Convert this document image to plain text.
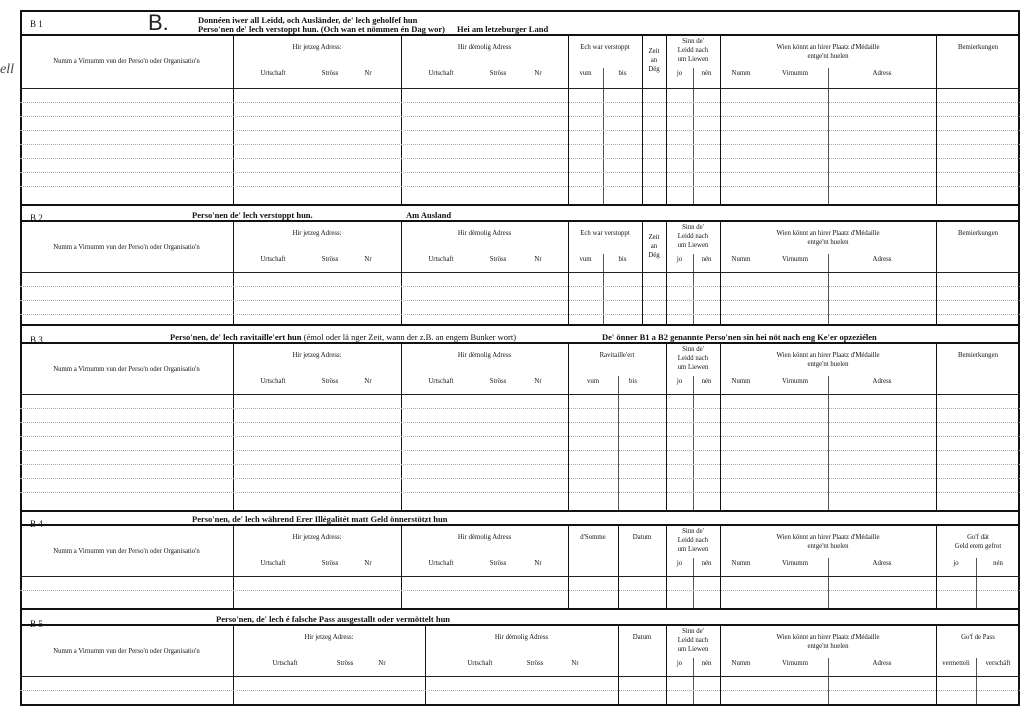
ell
B 1	B.	Donnéen iwer all Leidd, och Ausländer, de' lech geholfef hun
Perso'nen de' lech verstoppt hun. (Och wan et nömmen én Dag wor) Hei am letzeburger Land
Numm a Virnumm vun der Perso'n oder Organisatio'n
Hir jetzeg Adress:
Urtschaft	Ströss	Nr
Hir dèmolig Adress
Urtschaft	Ströss	Nr
Ech war verstoppt
vum	bis
Zeit
an
Dég
Sinn de'
Leidd nach
um Liewen
jo	nén
Wien könnt an hirer Plaatz d'Médaille
entge'nt huelen
Numm	Virnumm	Adress
Bemierkungen
B 2	Perso'nen de' lech verstoppt hun.	Am Ausland
Numm a Virnumm vun der Perso'n oder Organisatio'n
Hir jetzeg Adress:
Urtschaft	Ströss	Nr
Hir dèmolig Adress
Urtschaft	Ströss	Nr
Ech war verstoppt
vum	bis
Zeit
an
Dég
Sinn de'
Leidd nach
um Liewen
jo	nén
Wien könnt an hirer Plaatz d'Médaille
entge'nt huelen
Numm	Virnumm	Adress
Bemierkungen
B 3	Perso'nen, de' lech ravitaille'ert hun (émol oder lä nger Zeit, wann der z.B. an engem Bunker wort)	De' önner B1 a B2 genannte Perso'nen sin hei nöt nach eng Ke'er opzeziélen
Numm a Virnumm vun der Perso'n oder Organisatio'n
Hir jetzeg Adress:
Urtschaft	Ströss	Nr
Hir dèmolig Adress
Urtschaft	Ströss	Nr
Ravitaille'ert
vum	bis
Sinn de'
Leidd nach
um Liewen
jo	nén
Wien könnt an hirer Plaatz d'Médaille
entge'nt huelen
Numm	Virnumm	Adress
Bemierkungen
B 4	Perso'nen, de' lech während Erer Illégalitét matt Geld önnerstötzt hun
Numm a Virnumm vun der Perso'n oder Organisatio'n
Hir jetzeg Adress:
Urtschaft	Ströss	Nr
Hir dèmolig Adress
Urtschaft	Ströss	Nr
d'Somme	Datum
Sinn de'
Leidd nach
um Liewen
jo	nén
Wien könnt an hirer Plaatz d'Médaille
entge'nt huelen
Numm	Virnumm	Adress
Go'f dät
Geld erem gefrot
jo	nén
B 5	Perso'nen, de' lech é falsche Pass ausgestallt oder vermöttelt hun
Numm a Virnumm vun der Perso'n oder Organisatio'n
Hir jetzeg Adress:
Urtschaft	Ströss	Nr
Hir dèmolig Adress
Urtschaft	Ströss	Nr
Datum
Sinn de'
Leidd nach
um Liewen
jo	nén
Wien könnt an hirer Plaatz d'Médaille
entge'nt huelen
Numm	Virnumm	Adress
Go'f de Pass
vermetteli	verschäft
